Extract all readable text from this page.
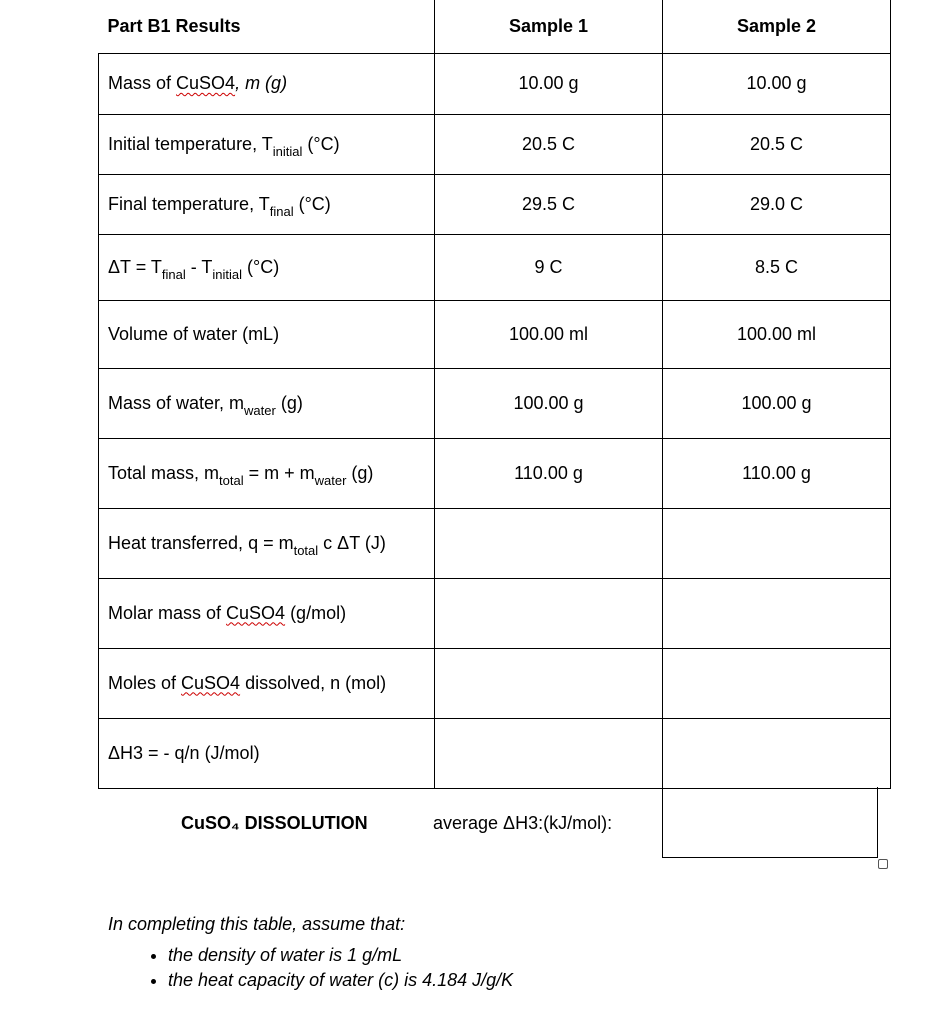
Part B1 Results	Sample 1	Sample 2
Mass of CuSO4, m (g)	10.00 g	10.00 g
Initial temperature, $T_{initial}$ (°C)	20.5 C	20.5 C
Final temperature, $T_{final}$ (°C)	29.5 C	29.0 C
$\Delta T = T_{final} - T_{initial}$ (°C)	9 C	8.5 C
Volume of water (mL)	100.00 ml	100.00 ml
Mass of water, $m_{water}$ (g)	100.00 g	100.00 g
Total mass, $m_{total} = m + m_{water}$ (g)	110.00 g	110.00 g
Heat transferred, $q = m_{total}$ c ΔT (J)		
Molar mass of CuSO4 (g/mol)		
Moles of CuSO4 dissolved, n (mol)		
ΔH3 = - q/n (J/mol)		
CuSO₄ DISSOLUTION	average ΔH3:(kJ/mol):
In completing this table, assume that:
• the density of water is 1 g/mL
• the heat capacity of water (c) is 4.184 J/g/K
